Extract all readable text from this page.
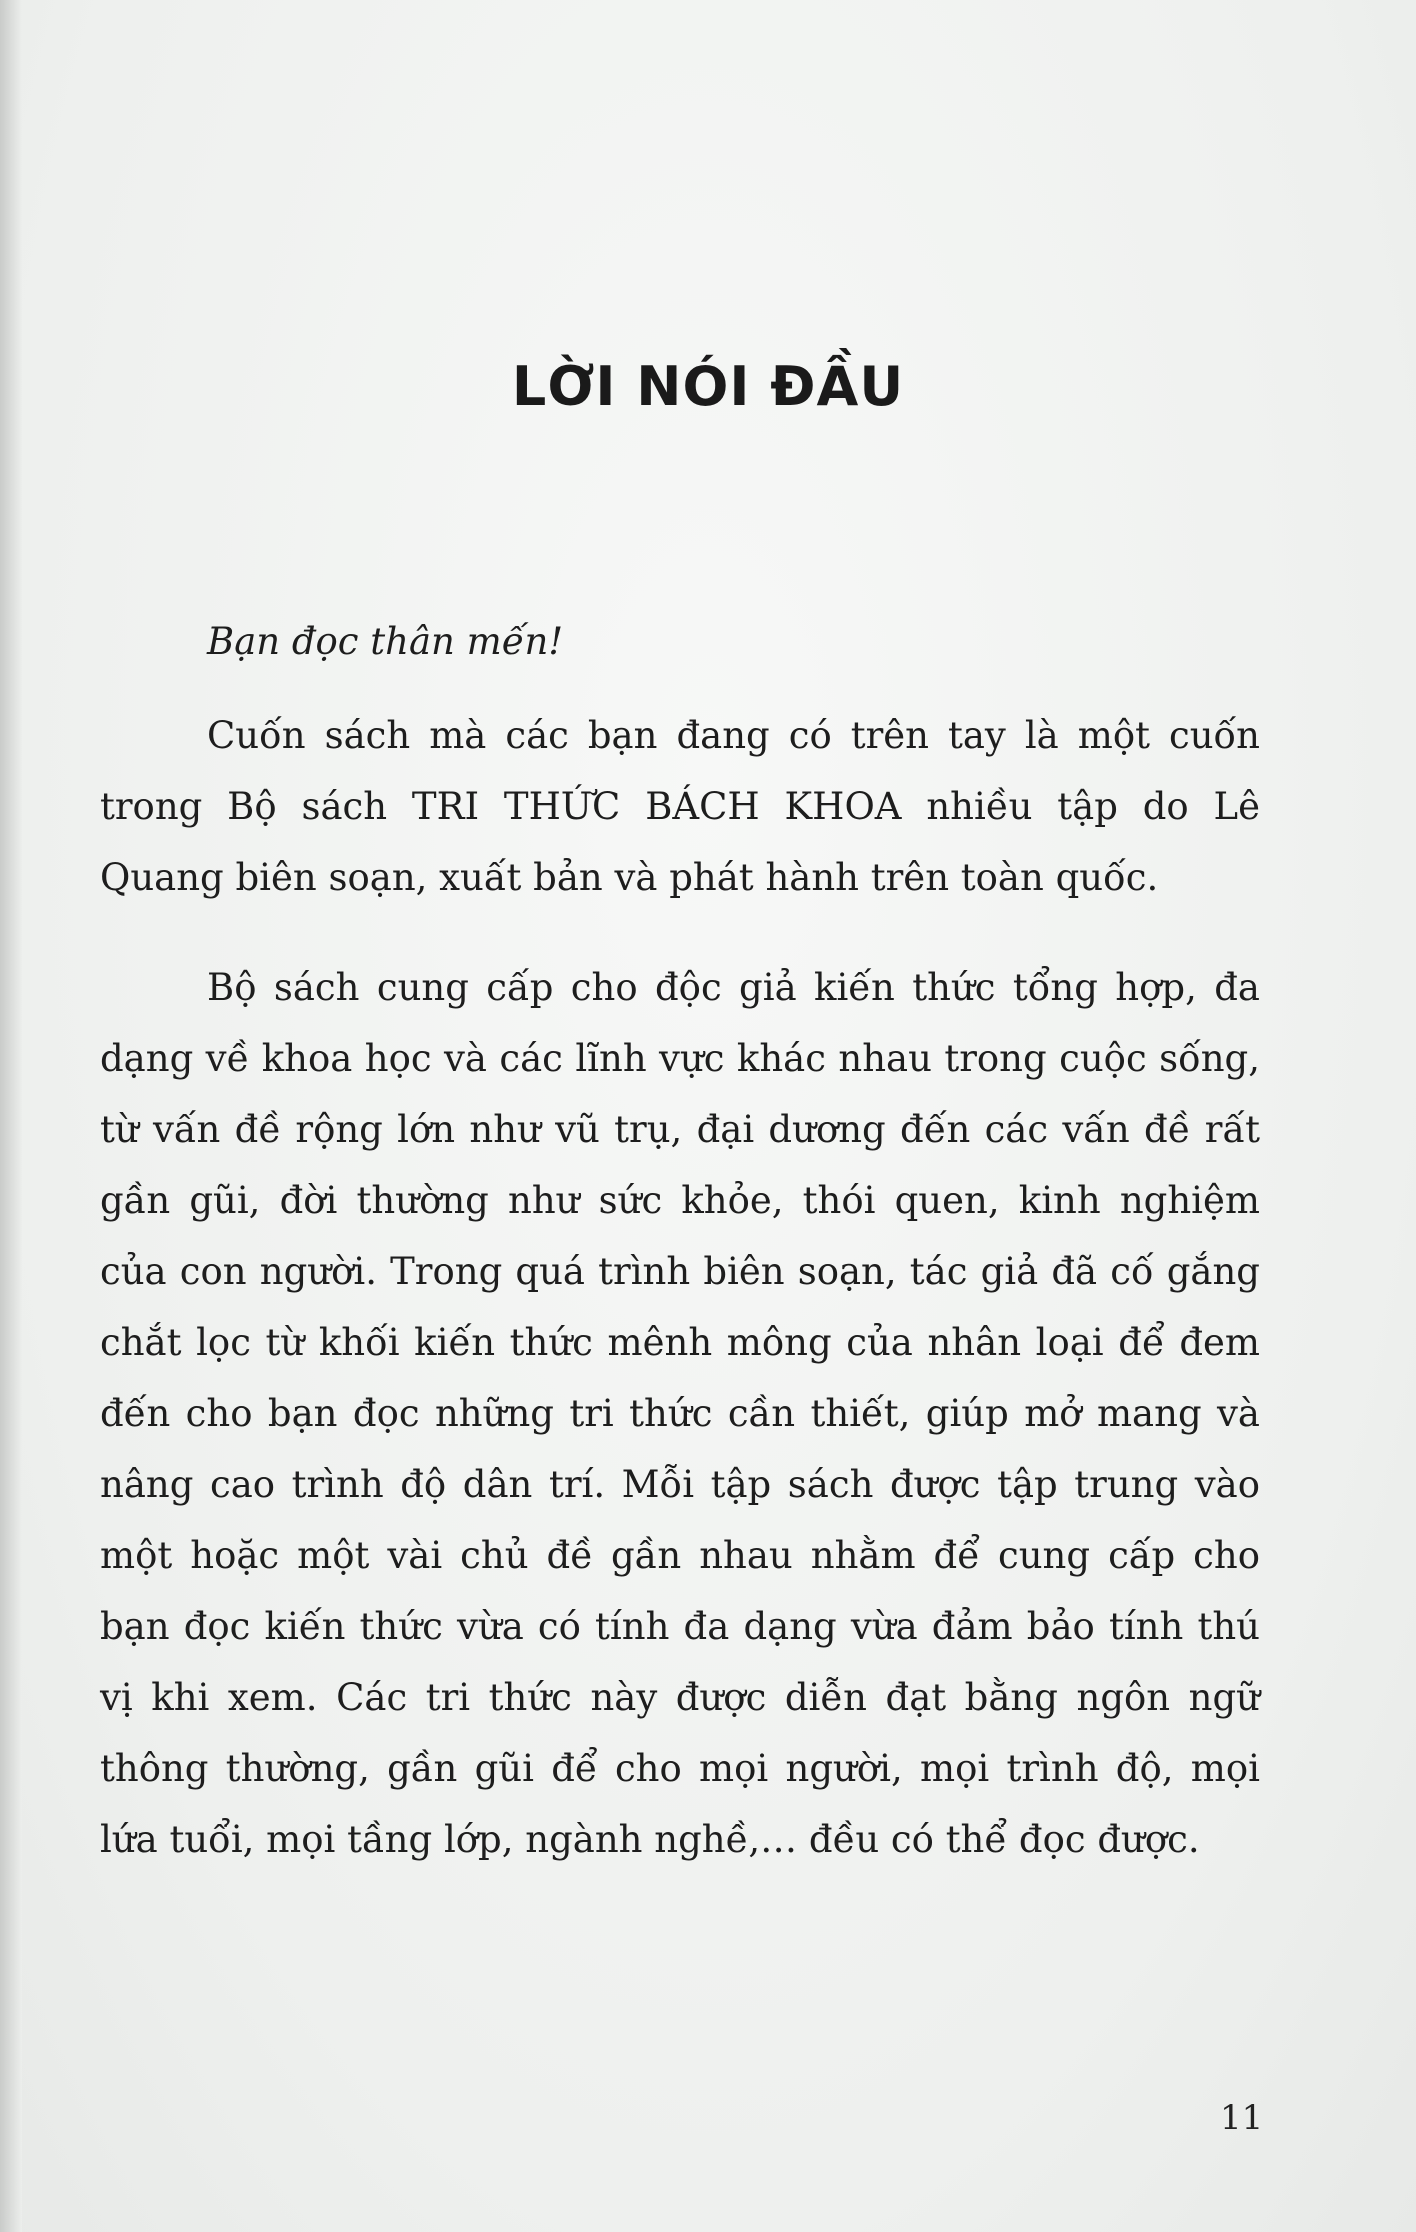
LỜI NÓI ĐẦU
Bạn đọc thân mến!
Cuốn sách mà các bạn đang có trên tay là một cuốn trong Bộ sách TRI THỨC BÁCH KHOA nhiều tập do Lê Quang biên soạn, xuất bản và phát hành trên toàn quốc.
Bộ sách cung cấp cho độc giả kiến thức tổng hợp, đa dạng về khoa học và các lĩnh vực khác nhau trong cuộc sống, từ vấn đề rộng lớn như vũ trụ, đại dương đến các vấn đề rất gần gũi, đời thường như sức khỏe, thói quen, kinh nghiệm của con người. Trong quá trình biên soạn, tác giả đã cố gắng chắt lọc từ khối kiến thức mênh mông của nhân loại để đem đến cho bạn đọc những tri thức cần thiết, giúp mở mang và nâng cao trình độ dân trí. Mỗi tập sách được tập trung vào một hoặc một vài chủ đề gần nhau nhằm để cung cấp cho bạn đọc kiến thức vừa có tính đa dạng vừa đảm bảo tính thú vị khi xem. Các tri thức này được diễn đạt bằng ngôn ngữ thông thường, gần gũi để cho mọi người, mọi trình độ, mọi lứa tuổi, mọi tầng lớp, ngành nghề,… đều có thể đọc được.
11
